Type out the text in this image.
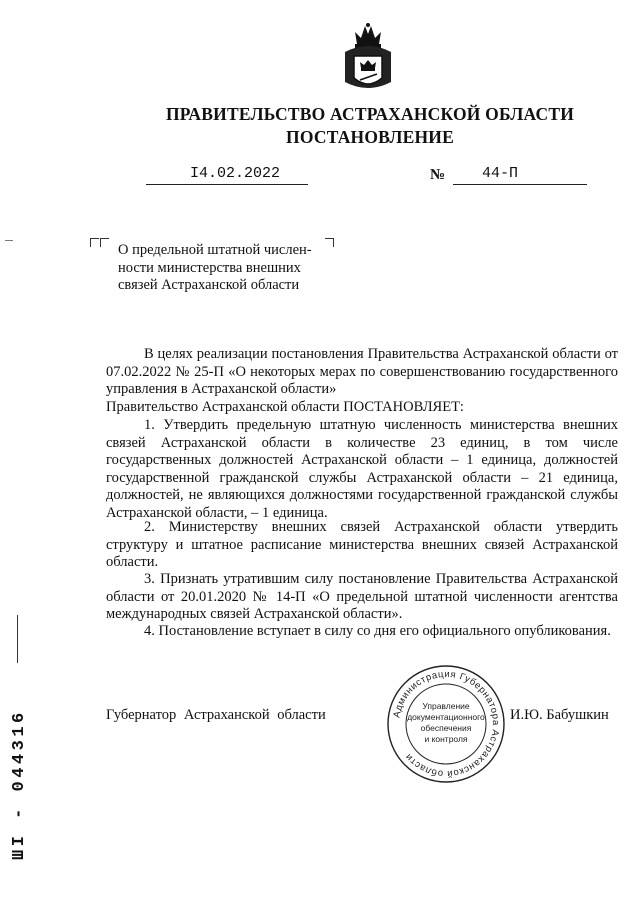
ПРАВИТЕЛЬСТВО АСТРАХАНСКОЙ ОБЛАСТИ
ПОСТАНОВЛЕНИЕ
I4.02.2022	№ 44-П
О предельной штатной числен-
ности министерства внешних
связей Астраханской области
В целях реализации постановления Правительства Астраханской области от 07.02.2022 № 25-П «О некоторых мерах по совершенствованию государственного управления в Астраханской области»
Правительство Астраханской области ПОСТАНОВЛЯЕТ:
1. Утвердить предельную штатную численность министерства внешних связей Астраханской области в количестве 23 единиц, в том числе государственных должностей Астраханской области – 1 единица, должностей государственной гражданской службы Астраханской области – 21 единица, должностей, не являющихся должностями государственной гражданской службы Астраханской области, – 1 единица.
2. Министерству внешних связей Астраханской области утвердить структуру и штатное расписание министерства внешних связей Астраханской области.
3. Признать утратившим силу постановление Правительства Астраханской области от 20.01.2020 № 14-П «О предельной штатной численности агентства международных связей Астраханской области».
4. Постановление вступает в силу со дня его официального опубликования.
Губернатор Астраханской области	И.Ю. Бабушкин
Администрация Губернатора Астраханской области
Управление
документационного
обеспечения
и контроля
ШI - 044316
